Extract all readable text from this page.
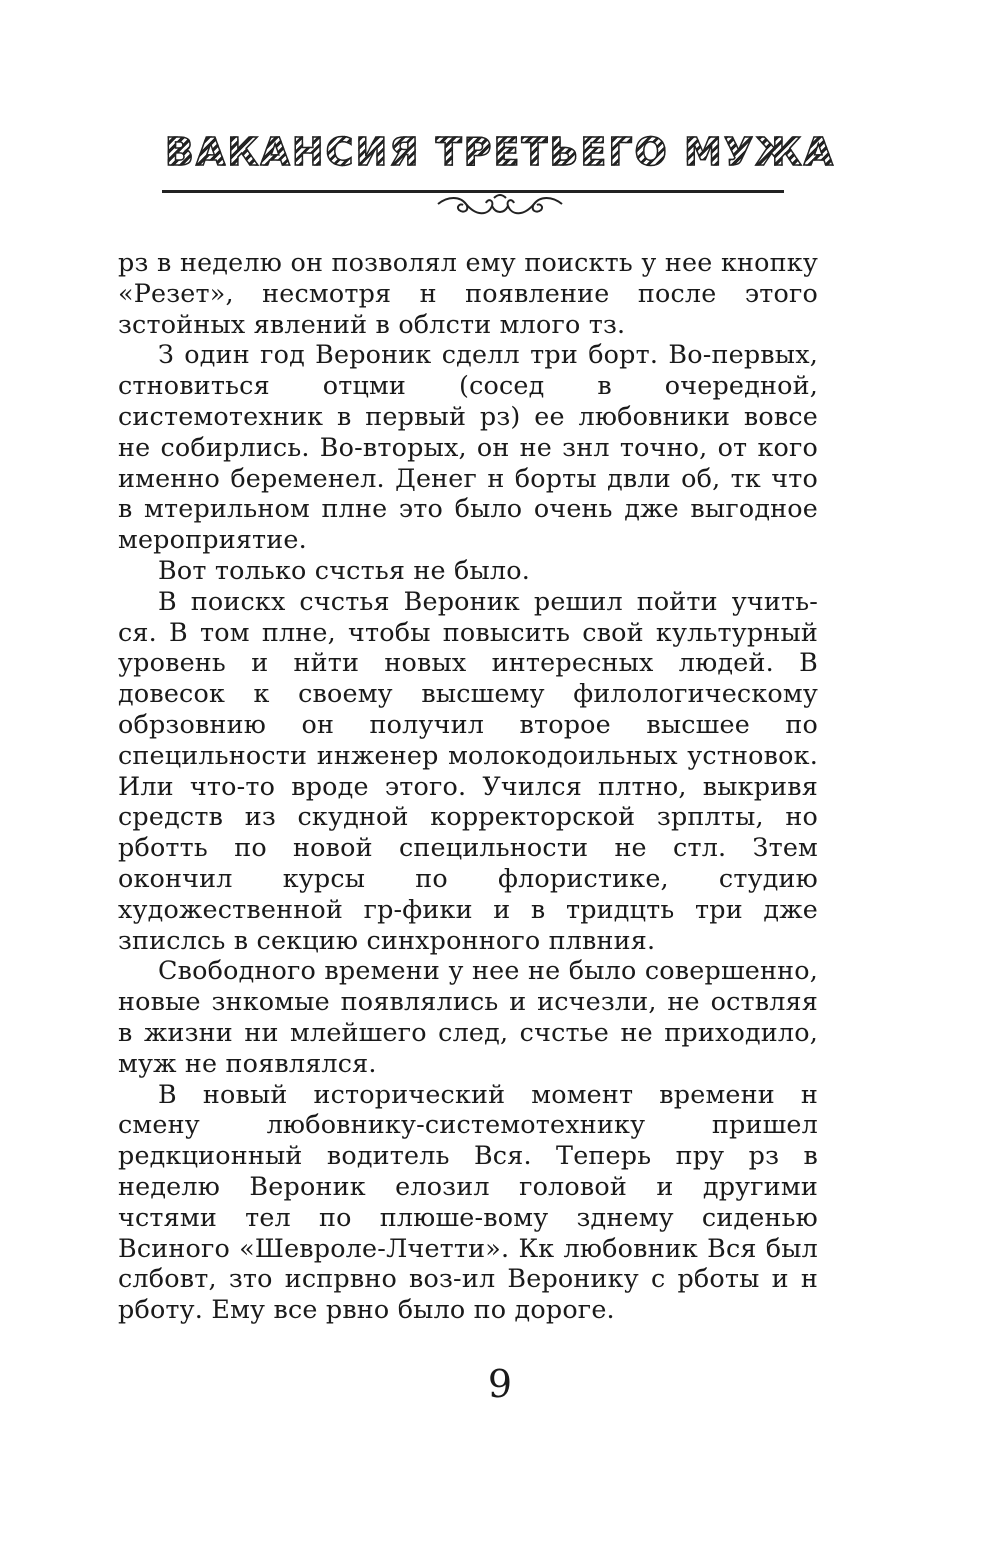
ВАКАНСИЯ ТРЕТЬЕГО МУЖА

рз в неделю он позволял ему поискть у нее кнопку «Резет», несмотря н появление после этого зстойных явлений в облсти млого тз.

З один год Вероник сделл три борт. Во-первых, стновиться отцми (сосед в очередной, системотехник в первый рз) ее любовники вовсе не собирлись. Во-вторых, он не знл точно, от кого именно беременел. Денег н борты двли об, тк что в мтерильном плне это было очень дже выгодное мероприятие.

Вот только счстья не было.

В поискх счстья Вероник решил пойти учить-ся. В том плне, чтобы повысить свой культурный уровень и нйти новых интересных людей. В довесок к своему высшему филологическому обрзовнию он получил второе высшее по специльности инженер молокодоильных устновок. Или что-то вроде этого. Учился плтно, выкривя средств из скудной корректорской зрплты, но рботть по новой специльности не стл. Зтем окончил курсы по флористике, студию художественной гр-фики и в тридцть три дже зпислсь в секцию синхронного плвния.

Свободного времени у нее не было совершенно, новые знкомые появлялись и исчезли, не оствляя в жизни ни млейшего след, счстье не приходило, муж не появлялся.

В новый исторический момент времени н смену любовнику-системотехнику пришел редкционный водитель Вся. Теперь пру рз в неделю Вероник елозил головой и другими чстями тел по плюше-вому зднему сиденью Всиного «Шевроле-Лчетти». Кк любовник Вся был слбовт, зто испрвно воз-ил Веронику с рботы и н рботу. Ему все рвно было по дороге.

9
